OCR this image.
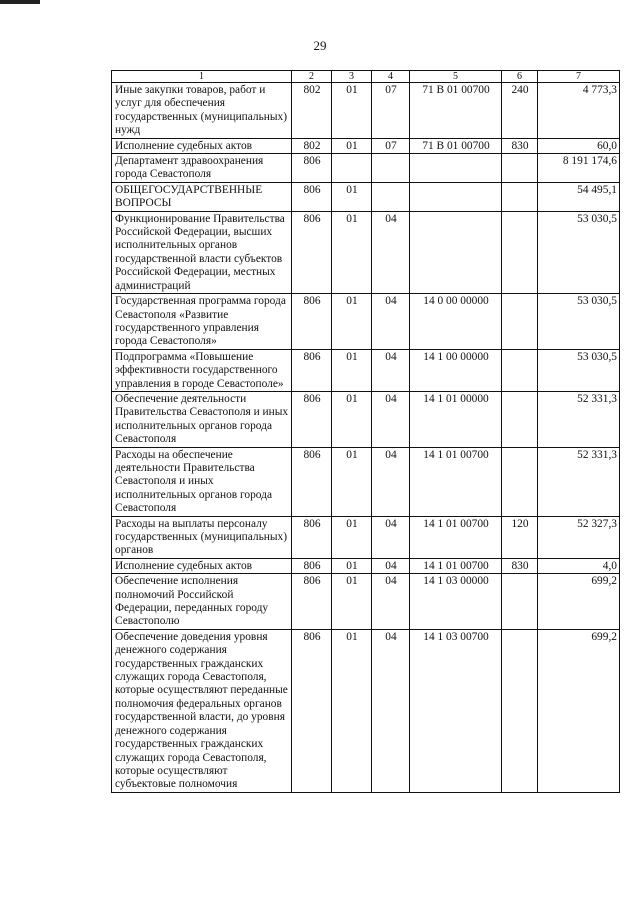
29
1	2	3	4	5	6	7
Иные закупки товаров, работ и услуг для обеспечения государственных (муниципальных) нужд	802	01	07	71 В 01 00700	240	4 773,3
Исполнение судебных актов	802	01	07	71 В 01 00700	830	60,0
Департамент здравоохранения города Севастополя	806					8 191 174,6
ОБЩЕГОСУДАРСТВЕННЫЕ ВОПРОСЫ	806	01				54 495,1
Функционирование Правительства Российской Федерации, высших исполнительных органов государственной власти субъектов Российской Федерации, местных администраций	806	01	04			53 030,5
Государственная программа города Севастополя «Развитие государственного управления города Севастополя»	806	01	04	14 0 00 00000		53 030,5
Подпрограмма «Повышение эффективности государственного управления в городе Севастополе»	806	01	04	14 1 00 00000		53 030,5
Обеспечение деятельности Правительства Севастополя и иных исполнительных органов города Севастополя	806	01	04	14 1 01 00000		52 331,3
Расходы на обеспечение деятельности Правительства Севастополя и иных исполнительных органов города Севастополя	806	01	04	14 1 01 00700		52 331,3
Расходы на выплаты персоналу государственных (муниципальных) органов	806	01	04	14 1 01 00700	120	52 327,3
Исполнение судебных актов	806	01	04	14 1 01 00700	830	4,0
Обеспечение исполнения полномочий Российской Федерации, переданных городу Севастополю	806	01	04	14 1 03 00000		699,2
Обеспечение доведения уровня денежного содержания государственных гражданских служащих города Севастополя, которые осуществляют переданные полномочия федеральных органов государственной власти, до уровня денежного содержания государственных гражданских служащих города Севастополя, которые осуществляют субъектовые полномочия	806	01	04	14 1 03 00700		699,2
